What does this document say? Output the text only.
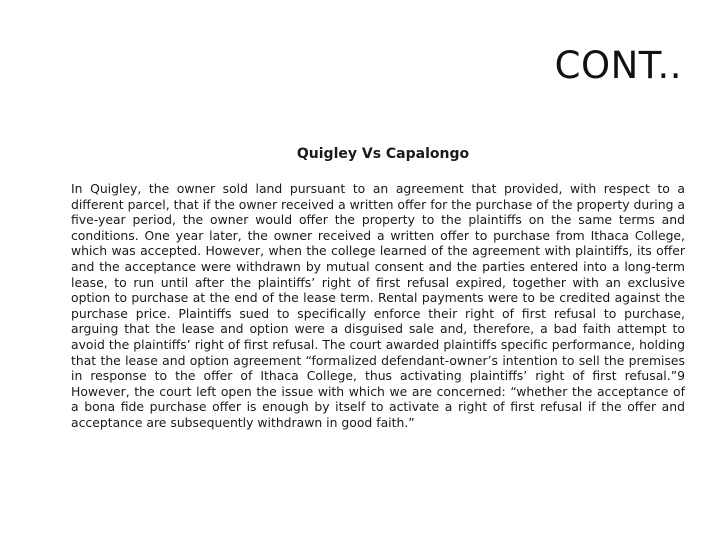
CONT..
Quigley Vs Capalongo

In Quigley, the owner sold land pursuant to an agreement that provided, with respect to a different parcel, that if the owner received a written offer for the purchase of the property during a five-year period, the owner would offer the property to the plaintiffs on the same terms and conditions. One year later, the owner received a written offer to purchase from Ithaca College, which was accepted. However, when the college learned of the agreement with plaintiffs, its offer and the acceptance were withdrawn by mutual consent and the parties entered into a long-term lease, to run until after the plaintiffs’ right of first refusal expired, together with an exclusive option to purchase at the end of the lease term. Rental payments were to be credited against the purchase price. Plaintiffs sued to specifically enforce their right of first refusal to purchase, arguing that the lease and option were a disguised sale and, therefore, a bad faith attempt to avoid the plaintiffs’ right of first refusal. The court awarded plaintiffs specific performance, holding that the lease and option agreement “formalized defendant-owner’s intention to sell the premises in response to the offer of Ithaca College, thus activating plaintiffs’ right of first refusal.”9 However, the court left open the issue with which we are concerned: “whether the acceptance of a bona fide purchase offer is enough by itself to activate a right of first refusal if the offer and acceptance are subsequently withdrawn in good faith.”
